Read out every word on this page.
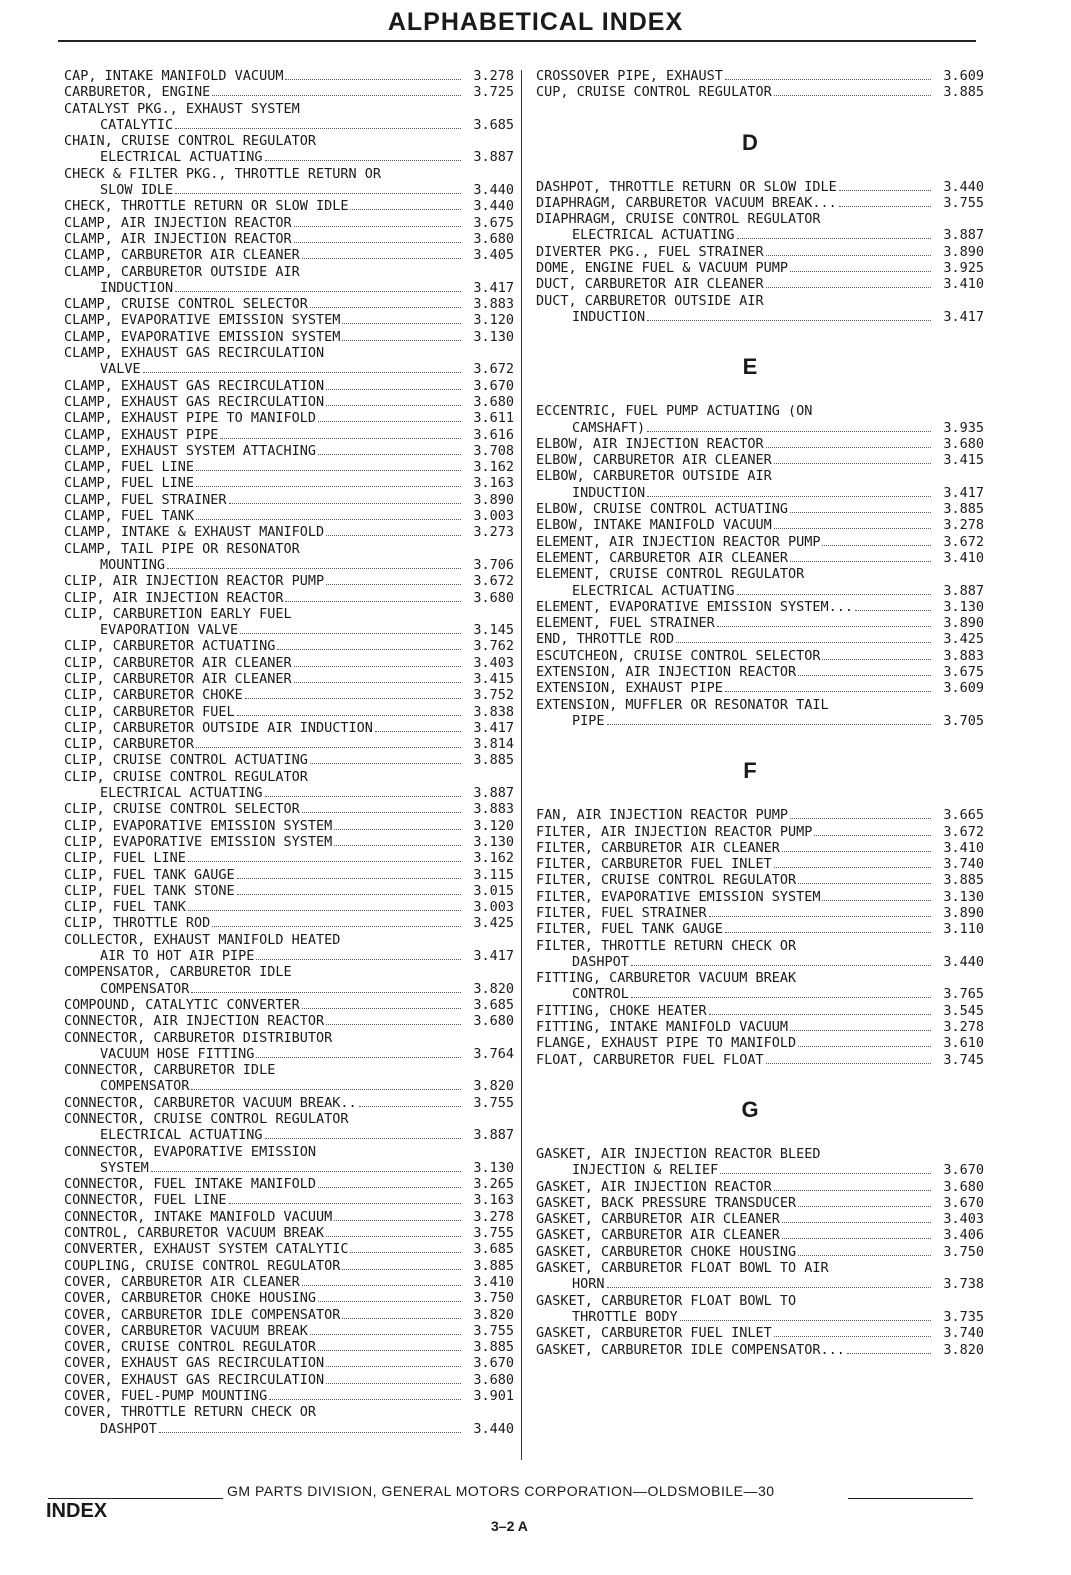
ALPHABETICAL INDEX
CAP, INTAKE MANIFOLD VACUUM	3.278
CARBURETOR, ENGINE	3.725
CATALYST PKG., EXHAUST SYSTEM
CATALYTIC	3.685
CHAIN, CRUISE CONTROL REGULATOR
ELECTRICAL ACTUATING	3.887
CHECK & FILTER PKG., THROTTLE RETURN OR
SLOW IDLE	3.440
CHECK, THROTTLE RETURN OR SLOW IDLE	3.440
CLAMP, AIR INJECTION REACTOR	3.675
CLAMP, AIR INJECTION REACTOR	3.680
CLAMP, CARBURETOR AIR CLEANER	3.405
CLAMP, CARBURETOR OUTSIDE AIR
INDUCTION	3.417
CLAMP, CRUISE CONTROL SELECTOR	3.883
CLAMP, EVAPORATIVE EMISSION SYSTEM	3.120
CLAMP, EVAPORATIVE EMISSION SYSTEM	3.130
CLAMP, EXHAUST GAS RECIRCULATION
VALVE	3.672
CLAMP, EXHAUST GAS RECIRCULATION	3.670
CLAMP, EXHAUST GAS RECIRCULATION	3.680
CLAMP, EXHAUST PIPE TO MANIFOLD	3.611
CLAMP, EXHAUST PIPE	3.616
CLAMP, EXHAUST SYSTEM ATTACHING	3.708
CLAMP, FUEL LINE	3.162
CLAMP, FUEL LINE	3.163
CLAMP, FUEL STRAINER	3.890
CLAMP, FUEL TANK	3.003
CLAMP, INTAKE & EXHAUST MANIFOLD	3.273
CLAMP, TAIL PIPE OR RESONATOR
MOUNTING	3.706
CLIP, AIR INJECTION REACTOR PUMP	3.672
CLIP, AIR INJECTION REACTOR	3.680
CLIP, CARBURETION EARLY FUEL
EVAPORATION VALVE	3.145
CLIP, CARBURETOR ACTUATING	3.762
CLIP, CARBURETOR AIR CLEANER	3.403
CLIP, CARBURETOR AIR CLEANER	3.415
CLIP, CARBURETOR CHOKE	3.752
CLIP, CARBURETOR FUEL	3.838
CLIP, CARBURETOR OUTSIDE AIR INDUCTION	3.417
CLIP, CARBURETOR	3.814
CLIP, CRUISE CONTROL ACTUATING	3.885
CLIP, CRUISE CONTROL REGULATOR
ELECTRICAL ACTUATING	3.887
CLIP, CRUISE CONTROL SELECTOR	3.883
CLIP, EVAPORATIVE EMISSION SYSTEM	3.120
CLIP, EVAPORATIVE EMISSION SYSTEM	3.130
CLIP, FUEL LINE	3.162
CLIP, FUEL TANK GAUGE	3.115
CLIP, FUEL TANK STONE	3.015
CLIP, FUEL TANK	3.003
CLIP, THROTTLE ROD	3.425
COLLECTOR, EXHAUST MANIFOLD HEATED
AIR TO HOT AIR PIPE	3.417
COMPENSATOR, CARBURETOR IDLE
COMPENSATOR	3.820
COMPOUND, CATALYTIC CONVERTER	3.685
CONNECTOR, AIR INJECTION REACTOR	3.680
CONNECTOR, CARBURETOR DISTRIBUTOR
VACUUM HOSE FITTING	3.764
CONNECTOR, CARBURETOR IDLE
COMPENSATOR	3.820
CONNECTOR, CARBURETOR VACUUM BREAK..	3.755
CONNECTOR, CRUISE CONTROL REGULATOR
ELECTRICAL ACTUATING	3.887
CONNECTOR, EVAPORATIVE EMISSION
SYSTEM	3.130
CONNECTOR, FUEL INTAKE MANIFOLD	3.265
CONNECTOR, FUEL LINE	3.163
CONNECTOR, INTAKE MANIFOLD VACUUM	3.278
CONTROL, CARBURETOR VACUUM BREAK	3.755
CONVERTER, EXHAUST SYSTEM CATALYTIC	3.685
COUPLING, CRUISE CONTROL REGULATOR	3.885
COVER, CARBURETOR AIR CLEANER	3.410
COVER, CARBURETOR CHOKE HOUSING	3.750
COVER, CARBURETOR IDLE COMPENSATOR	3.820
COVER, CARBURETOR VACUUM BREAK	3.755
COVER, CRUISE CONTROL REGULATOR	3.885
COVER, EXHAUST GAS RECIRCULATION	3.670
COVER, EXHAUST GAS RECIRCULATION	3.680
COVER, FUEL-PUMP MOUNTING	3.901
COVER, THROTTLE RETURN CHECK OR
DASHPOT	3.440
CROSSOVER PIPE, EXHAUST	3.609
CUP, CRUISE CONTROL REGULATOR	3.885
D
DASHPOT, THROTTLE RETURN OR SLOW IDLE	3.440
DIAPHRAGM, CARBURETOR VACUUM BREAK...	3.755
DIAPHRAGM, CRUISE CONTROL REGULATOR
ELECTRICAL ACTUATING	3.887
DIVERTER PKG., FUEL STRAINER	3.890
DOME, ENGINE FUEL & VACUUM PUMP	3.925
DUCT, CARBURETOR AIR CLEANER	3.410
DUCT, CARBURETOR OUTSIDE AIR
INDUCTION	3.417
E
ECCENTRIC, FUEL PUMP ACTUATING (ON
CAMSHAFT)	3.935
ELBOW, AIR INJECTION REACTOR	3.680
ELBOW, CARBURETOR AIR CLEANER	3.415
ELBOW, CARBURETOR OUTSIDE AIR
INDUCTION	3.417
ELBOW, CRUISE CONTROL ACTUATING	3.885
ELBOW, INTAKE MANIFOLD VACUUM	3.278
ELEMENT, AIR INJECTION REACTOR PUMP	3.672
ELEMENT, CARBURETOR AIR CLEANER	3.410
ELEMENT, CRUISE CONTROL REGULATOR
ELECTRICAL ACTUATING	3.887
ELEMENT, EVAPORATIVE EMISSION SYSTEM...	3.130
ELEMENT, FUEL STRAINER	3.890
END, THROTTLE ROD	3.425
ESCUTCHEON, CRUISE CONTROL SELECTOR	3.883
EXTENSION, AIR INJECTION REACTOR	3.675
EXTENSION, EXHAUST PIPE	3.609
EXTENSION, MUFFLER OR RESONATOR TAIL
PIPE	3.705
F
FAN, AIR INJECTION REACTOR PUMP	3.665
FILTER, AIR INJECTION REACTOR PUMP	3.672
FILTER, CARBURETOR AIR CLEANER	3.410
FILTER, CARBURETOR FUEL INLET	3.740
FILTER, CRUISE CONTROL REGULATOR	3.885
FILTER, EVAPORATIVE EMISSION SYSTEM	3.130
FILTER, FUEL STRAINER	3.890
FILTER, FUEL TANK GAUGE	3.110
FILTER, THROTTLE RETURN CHECK OR
DASHPOT	3.440
FITTING, CARBURETOR VACUUM BREAK
CONTROL	3.765
FITTING, CHOKE HEATER	3.545
FITTING, INTAKE MANIFOLD VACUUM	3.278
FLANGE, EXHAUST PIPE TO MANIFOLD	3.610
FLOAT, CARBURETOR FUEL FLOAT	3.745
G
GASKET, AIR INJECTION REACTOR BLEED
INJECTION & RELIEF	3.670
GASKET, AIR INJECTION REACTOR	3.680
GASKET, BACK PRESSURE TRANSDUCER	3.670
GASKET, CARBURETOR AIR CLEANER	3.403
GASKET, CARBURETOR AIR CLEANER	3.406
GASKET, CARBURETOR CHOKE HOUSING	3.750
GASKET, CARBURETOR FLOAT BOWL TO AIR
HORN	3.738
GASKET, CARBURETOR FLOAT BOWL TO
THROTTLE BODY	3.735
GASKET, CARBURETOR FUEL INLET	3.740
GASKET, CARBURETOR IDLE COMPENSATOR...	3.820
GM PARTS DIVISION, GENERAL MOTORS CORPORATION—OLDSMOBILE—30
INDEX
3–2 A
